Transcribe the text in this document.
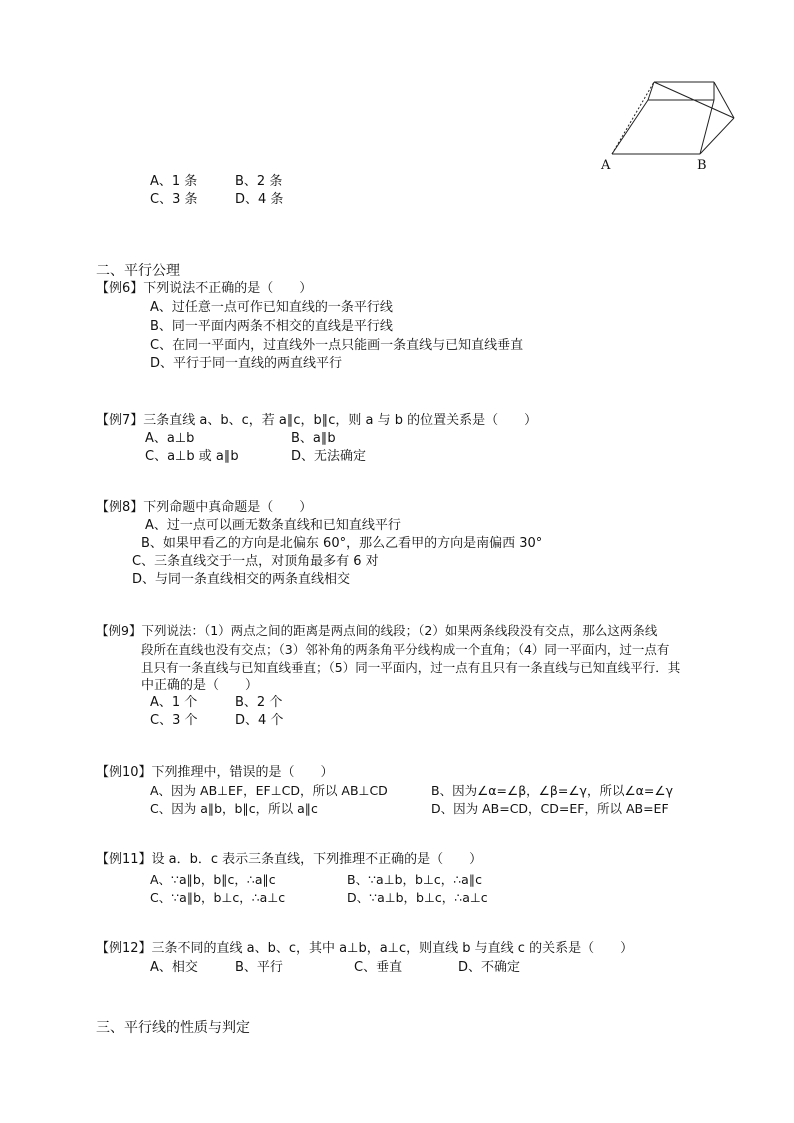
A	B
A、1 条	B、2 条
C、3 条	D、4 条
二、平行公理
【例6】下列说法不正确的是（　　）
A、过任意一点可作已知直线的一条平行线
B、同一平面内两条不相交的直线是平行线
C、在同一平面内，过直线外一点只能画一条直线与已知直线垂直
D、平行于同一直线的两直线平行
【例7】三条直线 a、b、c，若 a∥c，b∥c，则 a 与 b 的位置关系是（　　）
A、a⊥b	B、a∥b
C、a⊥b 或 a∥b	D、无法确定
【例8】下列命题中真命题是（　　）
A、过一点可以画无数条直线和已知直线平行
B、如果甲看乙的方向是北偏东 60°，那么乙看甲的方向是南偏西 30°
C、三条直线交于一点，对顶角最多有 6 对
D、与同一条直线相交的两条直线相交
【例9】下列说法：（1）两点之间的距离是两点间的线段；（2）如果两条线段没有交点，那么这两条线
段所在直线也没有交点；（3）邻补角的两条角平分线构成一个直角；（4）同一平面内，过一点有
且只有一条直线与已知直线垂直；（5）同一平面内，过一点有且只有一条直线与已知直线平行．其
中正确的是（　　）
A、1 个	B、2 个
C、3 个	D、4 个
【例10】下列推理中，错误的是（　　）
A、因为 AB⊥EF，EF⊥CD，所以 AB⊥CD	B、因为∠α=∠β，∠β=∠γ，所以∠α=∠γ
C、因为 a∥b，b∥c，所以 a∥c	D、因为 AB=CD，CD=EF，所以 AB=EF
【例11】设 a．b．c 表示三条直线，下列推理不正确的是（　　）
A、∵a∥b，b∥c，∴a∥c	B、∵a⊥b，b⊥c，∴a∥c
C、∵a∥b，b⊥c，∴a⊥c	D、∵a⊥b，b⊥c，∴a⊥c
【例12】三条不同的直线 a、b、c，其中 a⊥b，a⊥c，则直线 b 与直线 c 的关系是（　　）
A、相交	B、平行	C、垂直	D、不确定
三、平行线的性质与判定
